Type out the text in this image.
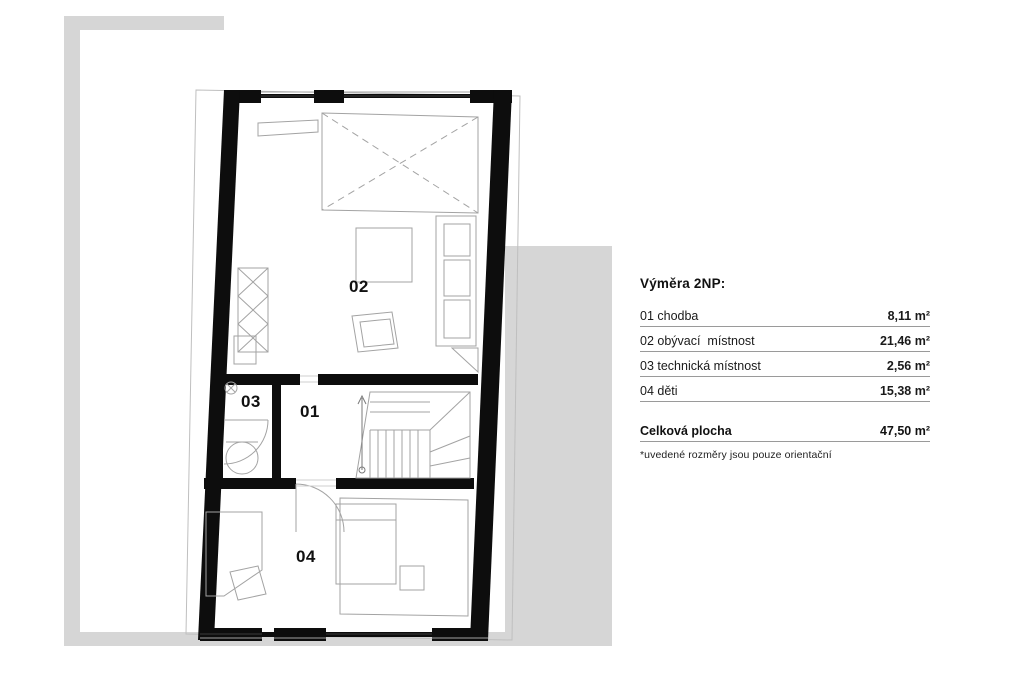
02
03
01
04
Výměra 2NP:
01 chodba	8,11 m²
02 obývací  místnost	21,46 m²
03 technická místnost	2,56 m²
04 děti	15,38 m²
Celková plocha	47,50 m²
*uvedené rozměry jsou pouze orientační
